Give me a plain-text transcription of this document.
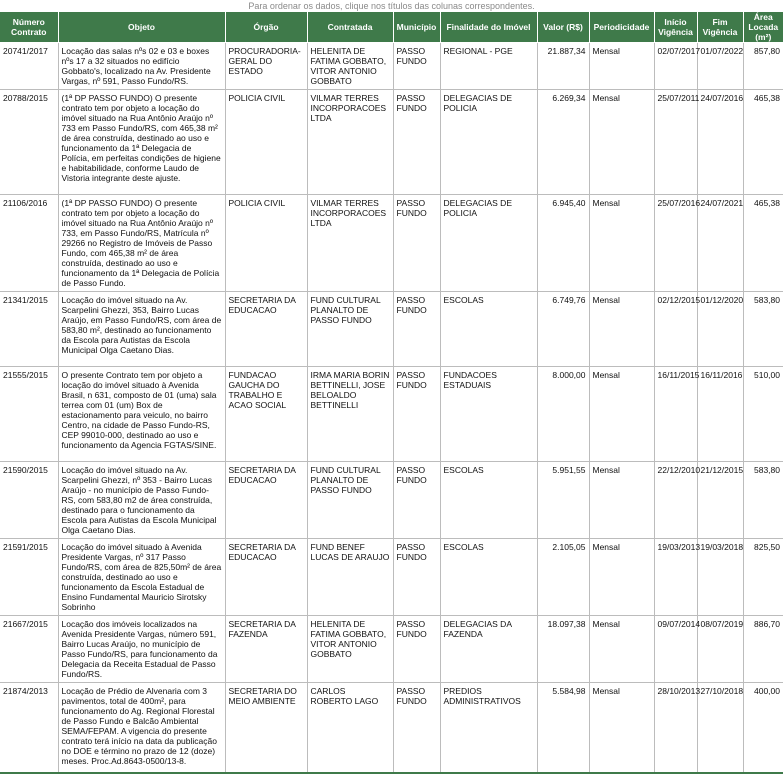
Para ordenar os dados, clique nos títulos das colunas correspondentes.
Número Contrato	Objeto	Órgão	Contratada	Município	Finalidade do Imóvel	Valor (R$)	Periodicidade	Início Vigência	Fim Vigência	Área Locada (m²)
20741/2017	Locação das salas nºs 02 e 03 e boxes nºs 17 a 32 situados no edifício Gobbato's, localizado na Av. Presidente Vargas, nº 591, Passo Fundo/RS.	PROCURADORIA-GERAL DO ESTADO	HELENITA DE FATIMA GOBBATO, VITOR ANTONIO GOBBATO	PASSO FUNDO	REGIONAL - PGE	21.887,34	Mensal	02/07/2017	01/07/2022	857,80
20788/2015	(1ª DP PASSO FUNDO) O presente contrato tem por objeto a locação do imóvel situado na Rua Antônio Araújo nº 733 em Passo Fundo/RS, com 465,38 m² de área construída, destinado ao uso e funcionamento da 1ª Delegacia de Polícia, em perfeitas condições de higiene e habitabilidade, conforme Laudo de Vistoria integrante deste ajuste.	POLICIA CIVIL	VILMAR TERRES INCORPORACOES LTDA	PASSO FUNDO	DELEGACIAS DE POLICIA	6.269,34	Mensal	25/07/2011	24/07/2016	465,38
21106/2016	(1ª DP PASSO FUNDO) O presente contrato tem por objeto a locação do imóvel situado na Rua Antônio Araújo nº 733, em Passo Fundo/RS, Matrícula nº 29266 no Registro de Imóveis de Passo Fundo, com 465,38 m² de área construída, destinado ao uso e funcionamento da 1ª Delegacia de Polícia de Passo Fundo.	POLICIA CIVIL	VILMAR TERRES INCORPORACOES LTDA	PASSO FUNDO	DELEGACIAS DE POLICIA	6.945,40	Mensal	25/07/2016	24/07/2021	465,38
21341/2015	Locação do imóvel situado na Av. Scarpelini Ghezzi, 353, Bairro Lucas Araújo, em Passo Fundo/RS, com área de 583,80 m², destinado ao funcionamento da Escola para Autistas da Escola Municipal Olga Caetano Dias.	SECRETARIA DA EDUCACAO	FUND CULTURAL PLANALTO DE PASSO FUNDO	PASSO FUNDO	ESCOLAS	6.749,76	Mensal	02/12/2015	01/12/2020	583,80
21555/2015	O presente Contrato tem por objeto a locação do imóvel situado à Avenida Brasil, n 631, composto de 01 (uma) sala terrea com 01 (um) Box de estacionamento para veiculo, no bairro Centro, na cidade de Passo Fundo-RS, CEP 99010-000, destinado ao uso e funcionamento da Agencia FGTAS/SINE.	FUNDACAO GAUCHA DO TRABALHO E ACAO SOCIAL	IRMA MARIA BORIN BETTINELLI, JOSE BELOALDO BETTINELLI	PASSO FUNDO	FUNDACOES ESTADUAIS	8.000,00	Mensal	16/11/2015	16/11/2016	510,00
21590/2015	Locação do imóvel situado na Av. Scarpelini Ghezzi, nº 353 - Bairro Lucas Araújo - no município de Passo Fundo-RS, com 583,80 m2 de área construída, destinado para o funcionamento da Escola para Autistas da Escola Municipal Olga Caetano Dias.	SECRETARIA DA EDUCACAO	FUND CULTURAL PLANALTO DE PASSO FUNDO	PASSO FUNDO	ESCOLAS	5.951,55	Mensal	22/12/2010	21/12/2015	583,80
21591/2015	Locação do imóvel situado à Avenida Presidente Vargas, nº 317 Passo Fundo/RS, com área de 825,50m² de área construída, destinado ao uso e funcionamento da Escola Estadual de Ensino Fundamental Mauricio Sirotsky Sobrinho	SECRETARIA DA EDUCACAO	FUND BENEF LUCAS DE ARAUJO	PASSO FUNDO	ESCOLAS	2.105,05	Mensal	19/03/2013	19/03/2018	825,50
21667/2015	Locação dos imóveis localizados na Avenida Presidente Vargas, número 591, Bairro Lucas Araújo, no município de Passo Fundo/RS, para funcionamento da Delegacia da Receita Estadual de Passo Fundo/RS.	SECRETARIA DA FAZENDA	HELENITA DE FATIMA GOBBATO, VITOR ANTONIO GOBBATO	PASSO FUNDO	DELEGACIAS DA FAZENDA	18.097,38	Mensal	09/07/2014	08/07/2019	886,70
21874/2013	Locação de Prédio de Alvenaria com 3 pavimentos, total de 400m², para funcionamento do Ag. Regional Florestal de Passo Fundo e Balcão Ambiental SEMA/FEPAM. A vigencia do presente contrato terá início na data da publicação no DOE e término no prazo de 12 (doze) meses. Proc.Ad.8643-0500/13-8.	SECRETARIA DO MEIO AMBIENTE	CARLOS ROBERTO LAGO	PASSO FUNDO	PREDIOS ADMINISTRATIVOS	5.584,98	Mensal	28/10/2013	27/10/2018	400,00
